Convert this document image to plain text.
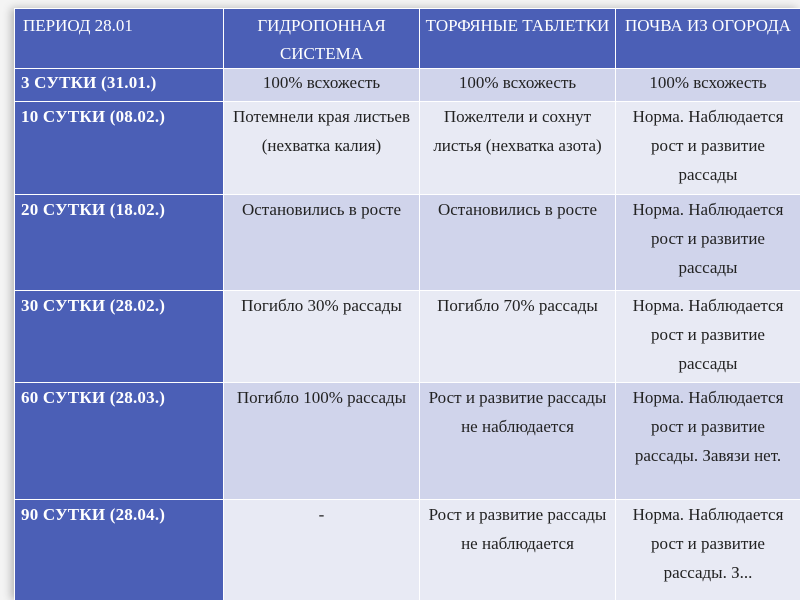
ПЕРИОД 28.01	ГИДРОПОННАЯ СИСТЕМА	ТОРФЯНЫЕ ТАБЛЕТКИ	ПОЧВА ИЗ ОГОРОДА
3 СУТКИ (31.01.)	100% всхожесть	100% всхожесть	100% всхожесть
10 СУТКИ (08.02.)	Потемнели края листьев (нехватка калия)	Пожелтели и сохнут листья (нехватка азота)	Норма. Наблюдается рост и развитие рассады
20 СУТКИ (18.02.)	Остановились в росте	Остановились в росте	Норма. Наблюдается рост и развитие рассады
30 СУТКИ (28.02.)	Погибло 30% рассады	Погибло 70% рассады	Норма. Наблюдается рост и развитие рассады
60 СУТКИ (28.03.)	Погибло 100% рассады	Рост и развитие рассады не наблюдается	Норма. Наблюдается рост и развитие рассады. Завязи нет.
90 СУТКИ (28.04.)	-	Рост и развитие рассады не наблюдается	Норма. Наблюдается рост и развитие рассады. З...
